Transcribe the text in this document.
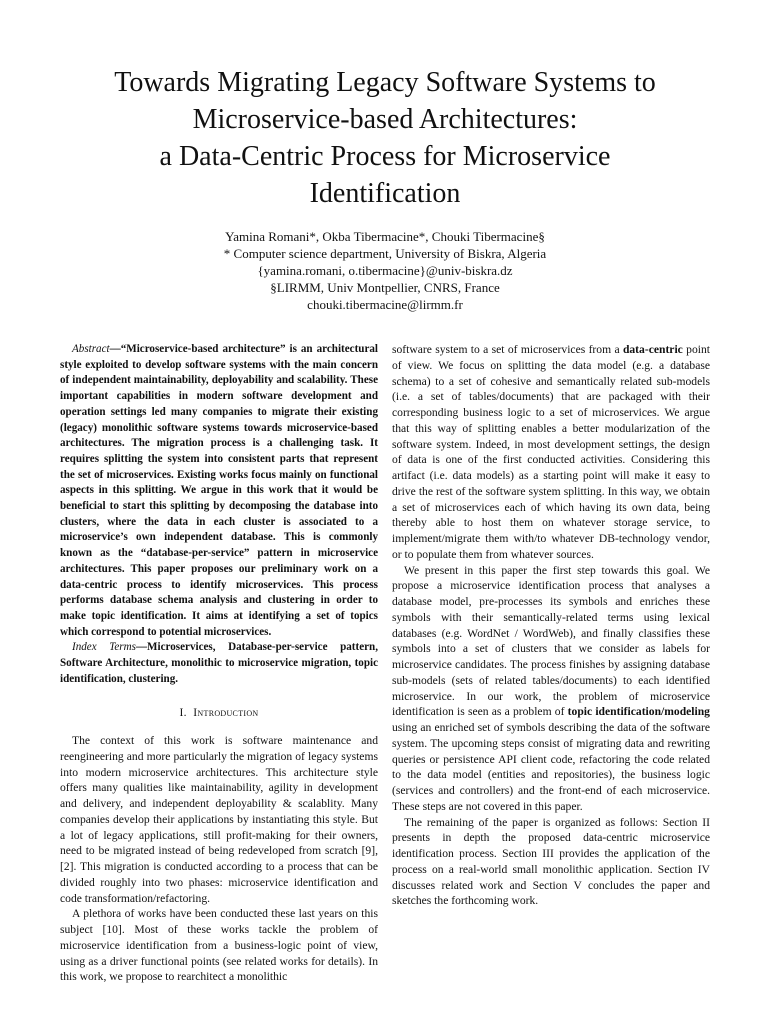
Towards Migrating Legacy Software Systems to
Microservice-based Architectures:
a Data-Centric Process for Microservice
Identification
Yamina Romani*, Okba Tibermacine*, Chouki Tibermacine§
* Computer science department, University of Biskra, Algeria
{yamina.romani, o.tibermacine}@univ-biskra.dz
§LIRMM, Univ Montpellier, CNRS, France
chouki.tibermacine@lirmm.fr

Abstract—“Microservice-based architecture” is an architectural style exploited to develop software systems with the main concern of independent maintainability, deployability and scalability. These important capabilities in modern software development and operation settings led many companies to migrate their existing (legacy) monolithic software systems towards microservice-based architectures. The migration process is a challenging task. It requires splitting the system into consistent parts that represent the set of microservices. Existing works focus mainly on functional aspects in this splitting. We argue in this work that it would be beneficial to start this splitting by decomposing the database into clusters, where the data in each cluster is associated to a microservice’s own independent database. This is commonly known as the “database-per-service” pattern in microservice architectures. This paper proposes our preliminary work on a data-centric process to identify microservices. This process performs database schema analysis and clustering in order to make topic identification. It aims at identifying a set of topics which correspond to potential microservices.

Index Terms—Microservices, Database-per-service pattern, Software Architecture, monolithic to microservice migration, topic identification, clustering.

I. Introduction

The context of this work is software maintenance and reengineering and more particularly the migration of legacy systems into modern microservice architectures. This architecture style offers many qualities like maintainability, agility in development and delivery, and independent deployability & scalablity. Many companies develop their applications by instantiating this style. But a lot of legacy applications, still profit-making for their owners, need to be migrated instead of being redeveloped from scratch [9], [2]. This migration is conducted according to a process that can be divided roughly into two phases: microservice identification and code transformation/refactoring.

A plethora of works have been conducted these last years on this subject [10]. Most of these works tackle the problem of microservice identification from a business-logic point of view, using as a driver functional points (see related works for details). In this work, we propose to rearchitect a monolithic

software system to a set of microservices from a data-centric point of view. We focus on splitting the data model (e.g. a database schema) to a set of cohesive and semantically related sub-models (i.e. a set of tables/documents) that are packaged with their corresponding business logic to a set of microservices. We argue that this way of splitting enables a better modularization of the software system. Indeed, in most development settings, the design of data is one of the first conducted activities. Considering this artifact (i.e. data models) as a starting point will make it easy to drive the rest of the software system splitting. In this way, we obtain a set of microservices each of which having its own data, being thereby able to host them on whatever storage service, to implement/migrate them with/to whatever DB-technology vendor, or to populate them from whatever sources.

We present in this paper the first step towards this goal. We propose a microservice identification process that analyses a database model, pre-processes its symbols and enriches these symbols with their semantically-related terms using lexical databases (e.g. WordNet / WordWeb), and finally classifies these symbols into a set of clusters that we consider as labels for microservice candidates. The process finishes by assigning database sub-models (sets of related tables/documents) to each identified microservice. In our work, the problem of microservice identification is seen as a problem of topic identification/modeling using an enriched set of symbols describing the data of the software system. The upcoming steps consist of migrating data and rewriting queries or persistence API client code, refactoring the code related to the data model (entities and repositories), the business logic (services and controllers) and the front-end of each microservice. These steps are not covered in this paper.

The remaining of the paper is organized as follows: Section II presents in depth the proposed data-centric microservice identification process. Section III provides the application of the process on a real-world small monolithic application. Section IV discusses related work and Section V concludes the paper and sketches the forthcoming work.
